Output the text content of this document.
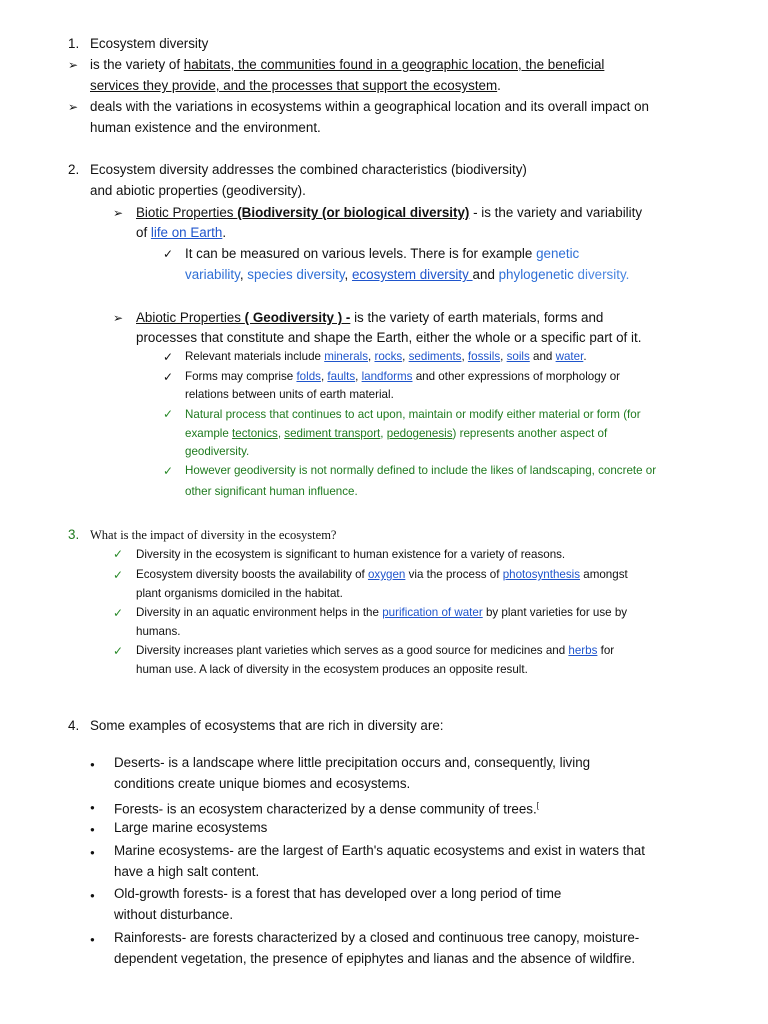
1. Ecosystem diversity
➢ is the variety of habitats, the communities found in a geographic location, the beneficial
services they provide, and the processes that support the ecosystem.
➢ deals with the variations in ecosystems within a geographical location and its overall impact on
human existence and the environment.
2. Ecosystem diversity addresses the combined characteristics (biodiversity)
and abiotic properties (geodiversity).
➢ Biotic Properties (Biodiversity (or biological diversity) - is the variety and variability
of life on Earth.
✓ It can be measured on various levels. There is for example genetic
variability, species diversity, ecosystem diversity and phylogenetic diversity.
➢ Abiotic Properties ( Geodiversity ) - is the variety of earth materials, forms and
processes that constitute and shape the Earth, either the whole or a specific part of it.
✓ Relevant materials include minerals, rocks, sediments, fossils, soils and water.
✓ Forms may comprise folds, faults, landforms and other expressions of morphology or
relations between units of earth material.
✓ Natural process that continues to act upon, maintain or modify either material or form (for
example tectonics, sediment transport, pedogenesis) represents another aspect of
geodiversity.
✓ However geodiversity is not normally defined to include the likes of landscaping, concrete or
other significant human influence.
3. What is the impact of diversity in the ecosystem?
✓ Diversity in the ecosystem is significant to human existence for a variety of reasons.
✓ Ecosystem diversity boosts the availability of oxygen via the process of photosynthesis amongst
plant organisms domiciled in the habitat.
✓ Diversity in an aquatic environment helps in the purification of water by plant varieties for use by
humans.
✓ Diversity increases plant varieties which serves as a good source for medicines and herbs for
human use. A lack of diversity in the ecosystem produces an opposite result.
4. Some examples of ecosystems that are rich in diversity are:
● Deserts- is a landscape where little precipitation occurs and, consequently, living
conditions create unique biomes and ecosystems.
● Forests- is an ecosystem characterized by a dense community of trees.[
● Large marine ecosystems
● Marine ecosystems- are the largest of Earth's aquatic ecosystems and exist in waters that
have a high salt content.
● Old-growth forests- is a forest that has developed over a long period of time
without disturbance.
● Rainforests- are forests characterized by a closed and continuous tree canopy, moisture-
dependent vegetation, the presence of epiphytes and lianas and the absence of wildfire.
